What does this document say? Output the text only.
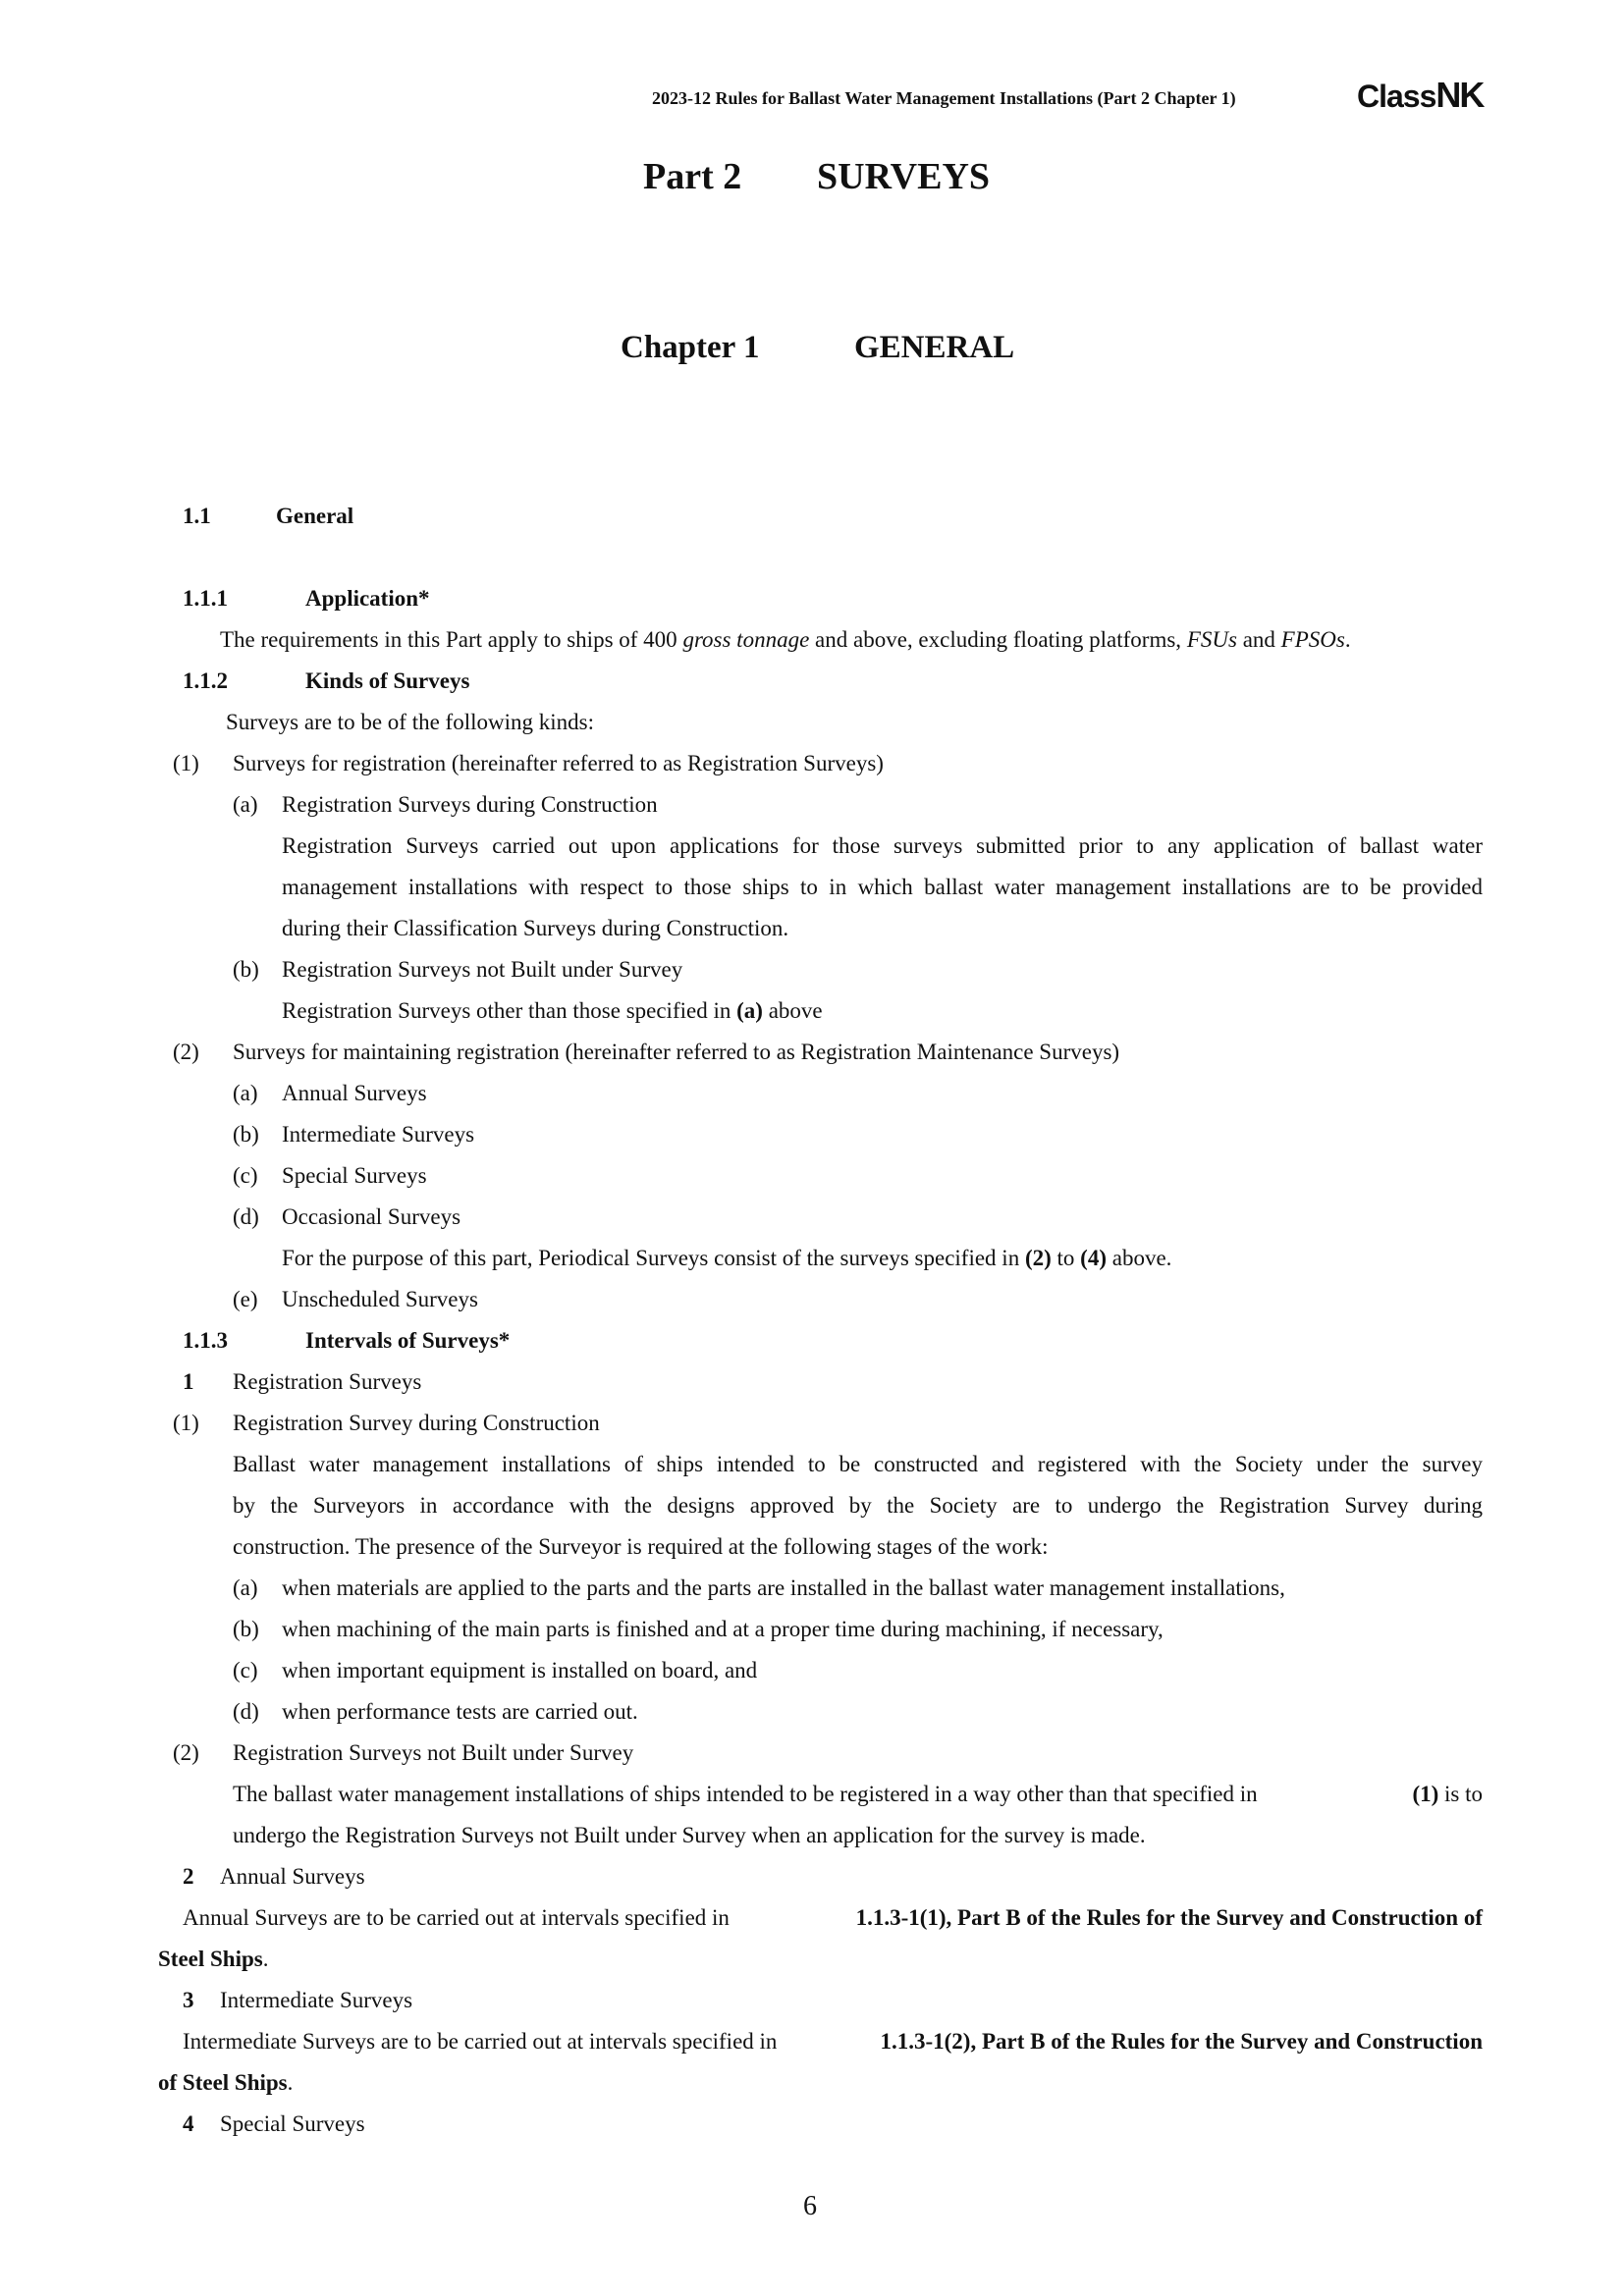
2023-12 Rules for Ballast Water Management Installations (Part 2 Chapter 1)	ClassNK
Part 2 SURVEYS
Chapter 1	GENERAL
1.1	General
1.1.1	Application*
The requirements in this Part apply to ships of 400 gross tonnage and above, excluding floating platforms, FSUs and FPSOs.
1.1.2	Kinds of Surveys
Surveys are to be of the following kinds:
(1) Surveys for registration (hereinafter referred to as Registration Surveys)
(a) Registration Surveys during Construction
Registration Surveys carried out upon applications for those surveys submitted prior to any application of ballast water
management installations with respect to those ships to in which ballast water management installations are to be provided
during their Classification Surveys during Construction.
(b) Registration Surveys not Built under Survey
Registration Surveys other than those specified in (a) above
(2) Surveys for maintaining registration (hereinafter referred to as Registration Maintenance Surveys)
(a) Annual Surveys
(b) Intermediate Surveys
(c) Special Surveys
(d) Occasional Surveys
For the purpose of this part, Periodical Surveys consist of the surveys specified in (2) to (4) above.
(e) Unscheduled Surveys
1.1.3	Intervals of Surveys*
1 Registration Surveys
(1) Registration Survey during Construction
Ballast water management installations of ships intended to be constructed and registered with the Society under the survey
by the Surveyors in accordance with the designs approved by the Society are to undergo the Registration Survey during
construction. The presence of the Surveyor is required at the following stages of the work:
(a) when materials are applied to the parts and the parts are installed in the ballast water management installations,
(b) when machining of the main parts is finished and at a proper time during machining, if necessary,
(c) when important equipment is installed on board, and
(d) when performance tests are carried out.
(2) Registration Surveys not Built under Survey
The ballast water management installations of ships intended to be registered in a way other than that specified in	(1) is to
undergo the Registration Surveys not Built under Survey when an application for the survey is made.
2 Annual Surveys
Annual Surveys are to be carried out at intervals specified in	1.1.3-1(1), Part B of the Rules for the Survey and Construction of
Steel Ships.
3 Intermediate Surveys
Intermediate Surveys are to be carried out at intervals specified in	1.1.3-1(2), Part B of the Rules for the Survey and Construction
of Steel Ships.
4 Special Surveys
6
